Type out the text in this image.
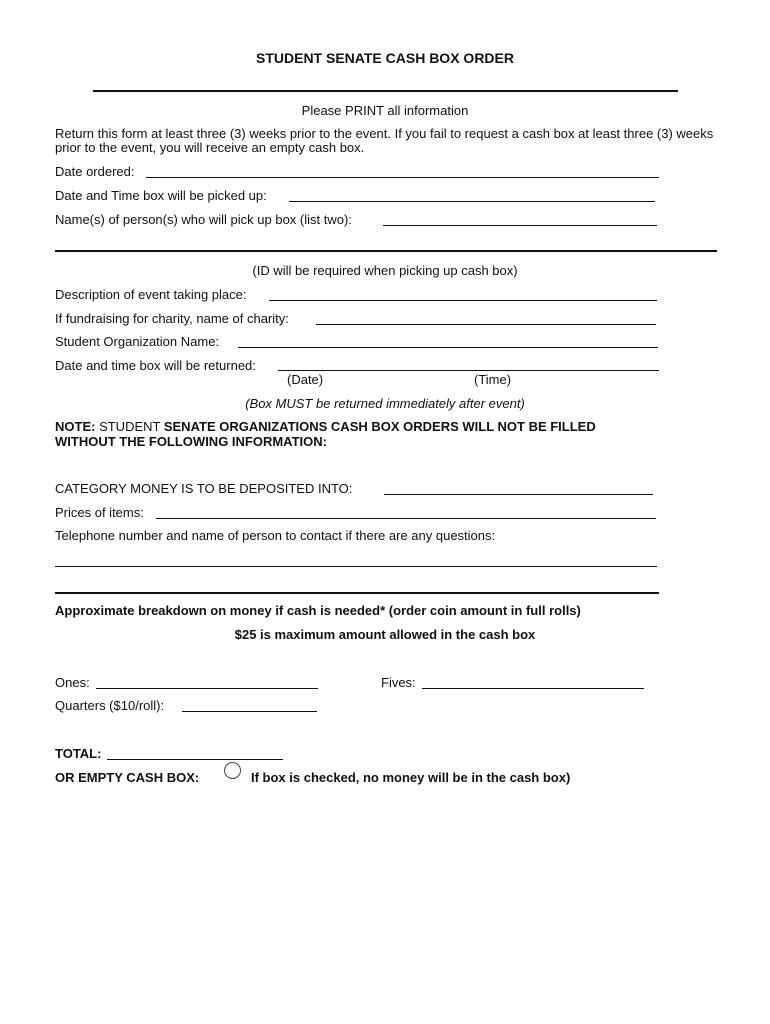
STUDENT SENATE CASH BOX ORDER
Please PRINT all information
Return this form at least three (3) weeks prior to the event. If you fail to request a cash box at least three (3) weeks prior to the event, you will receive an empty cash box.
Date ordered:
Date and Time box will be picked up:
Name(s) of person(s) who will pick up box (list two):
(ID will be required when picking up cash box)
Description of event taking place:
If fundraising for charity, name of charity:
Student Organization Name:
Date and time box will be returned:
(Date)	(Time)
(Box MUST be returned immediately after event)
NOTE: STUDENT SENATE ORGANIZATIONS CASH BOX ORDERS WILL NOT BE FILLED
WITHOUT THE FOLLOWING INFORMATION:
CATEGORY MONEY IS TO BE DEPOSITED INTO:
Prices of items:
Telephone number and name of person to contact if there are any questions:
Approximate breakdown on money if cash is needed* (order coin amount in full rolls)
$25 is maximum amount allowed in the cash box
Ones:	Fives:
Quarters ($10/roll):
TOTAL:
OR EMPTY CASH BOX:	If box is checked, no money will be in the cash box)
